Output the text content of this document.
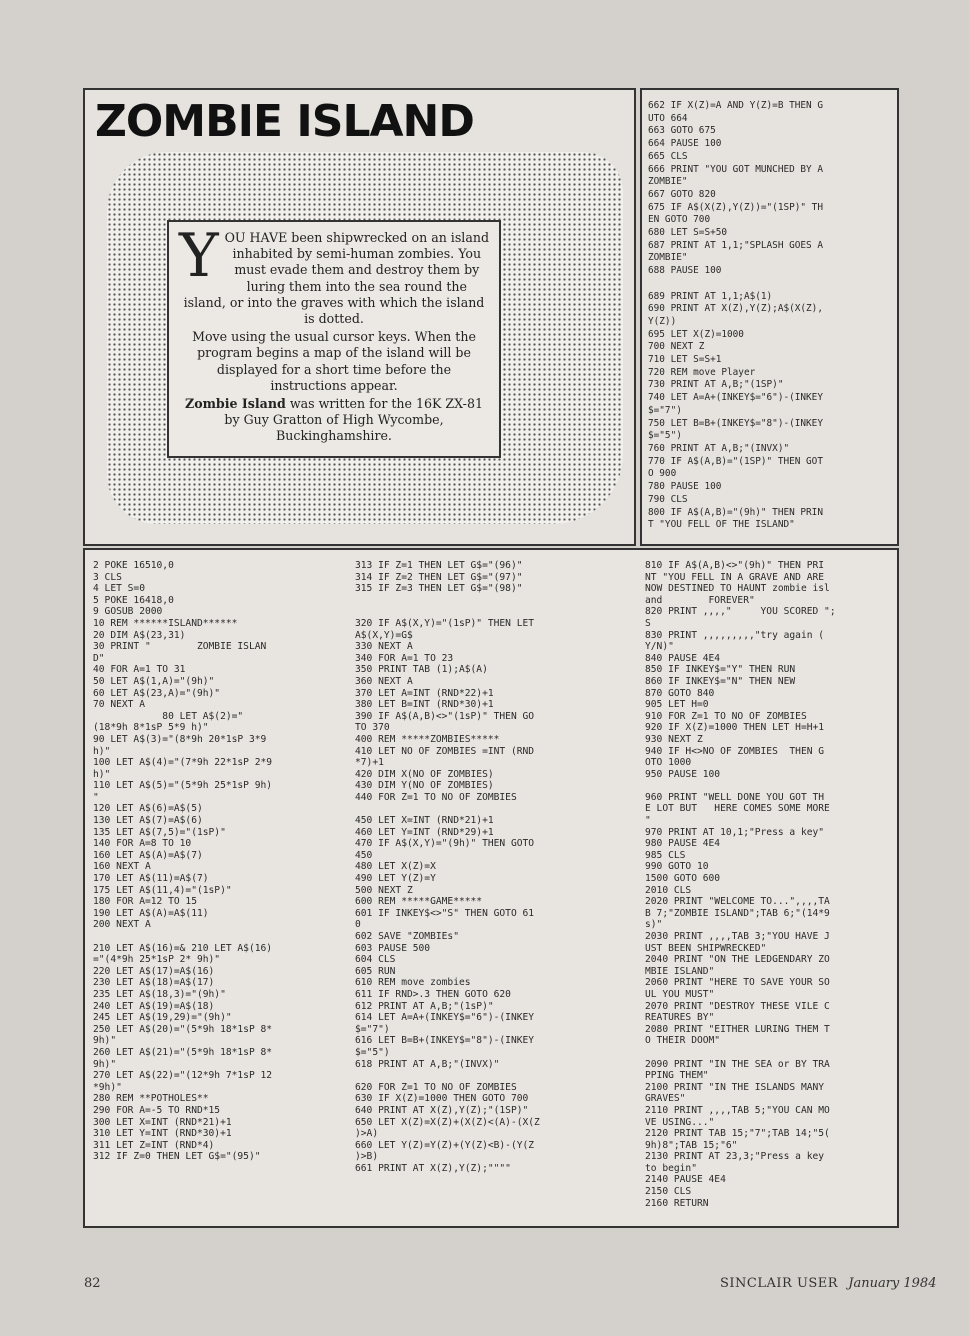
ZOMBIE ISLAND
Y OU HAVE been shipwrecked on an island inhabited by semi-human zombies. You must evade them and destroy them by luring them into the sea round the island, or into the graves with which the island is dotted.

Move using the usual cursor keys. When the program begins a map of the island will be displayed for a short time before the instructions appear.

Zombie Island was written for the 16K ZX-81 by Guy Gratton of High Wycombe, Buckinghamshire.

662 IF X(Z)=A AND Y(Z)=B THEN G
UTO 664
663 GOTO 675
664 PAUSE 100
665 CLS
666 PRINT "YOU GOT MUNCHED BY A
ZOMBIE"
667 GOTO 820
675 IF A$(X(Z),Y(Z))="(1SP)" TH
EN GOTO 700
680 LET S=S+50
687 PRINT AT 1,1;"SPLASH GOES A
ZOMBIE"
688 PAUSE 100

689 PRINT AT 1,1;A$(1)
690 PRINT AT X(Z),Y(Z);A$(X(Z),
Y(Z))
695 LET X(Z)=1000
700 NEXT Z
710 LET S=S+1
720 REM move Player
730 PRINT AT A,B;"(1SP)"
740 LET A=A+(INKEY$="6")-(INKEY
$="7")
750 LET B=B+(INKEY$="8")-(INKEY
$="5")
760 PRINT AT A,B;"(INVX)"
770 IF A$(A,B)="(1SP)" THEN GOT
O 900
780 PAUSE 100
790 CLS
800 IF A$(A,B)="(9h)" THEN PRIN
T "YOU FELL OF THE ISLAND"
2 POKE 16510,0
3 CLS
4 LET S=0
5 POKE 16418,0
9 GOSUB 2000
10 REM ******ISLAND******
20 DIM A$(23,31)
30 PRINT "        ZOMBIE ISLAN
D"
40 FOR A=1 TO 31
50 LET A$(1,A)="(9h)"
60 LET A$(23,A)="(9h)"
70 NEXT A
80 LET A$(2)="
(18*9h 8*1sP 5*9 h)"
90 LET A$(3)="(8*9h 20*1sP 3*9
h)"
100 LET A$(4)="(7*9h 22*1sP 2*9
h)"
110 LET A$(5)="(5*9h 25*1sP 9h)
"
120 LET A$(6)=A$(5)
130 LET A$(7)=A$(6)
135 LET A$(7,5)="(1sP)"
140 FOR A=8 TO 10
160 LET A$(A)=A$(7)
160 NEXT A
170 LET A$(11)=A$(7)
175 LET A$(11,4)="(1sP)"
180 FOR A=12 TO 15
190 LET A$(A)=A$(11)
200 NEXT A

210 LET A$(16)=& 210 LET A$(16)
="(4*9h 25*1sP 2* 9h)"
220 LET A$(17)=A$(16)
230 LET A$(18)=A$(17)
235 LET A$(18,3)="(9h)"
240 LET A$(19)=A$(18)
245 LET A$(19,29)="(9h)"
250 LET A$(20)="(5*9h 18*1sP 8*
9h)"
260 LET A$(21)="(5*9h 18*1sP 8*
9h)"
270 LET A$(22)="(12*9h 7*1sP 12
*9h)"
280 REM **POTHOLES**
290 FOR A=-5 TO RND*15
300 LET X=INT (RND*21)+1
310 LET Y=INT (RND*30)+1
311 LET Z=INT (RND*4)
312 IF Z=0 THEN LET G$="(95)"
313 IF Z=1 THEN LET G$="(96)"
314 IF Z=2 THEN LET G$="(97)"
315 IF Z=3 THEN LET G$="(98)"

320 IF A$(X,Y)="(1sP)" THEN LET
A$(X,Y)=G$
330 NEXT A
340 FOR A=1 TO 23
350 PRINT TAB (1);A$(A)
360 NEXT A
370 LET A=INT (RND*22)+1
380 LET B=INT (RND*30)+1
390 IF A$(A,B)<>"(1sP)" THEN GO
TO 370
400 REM *****ZOMBIES*****
410 LET NO OF ZOMBIES =INT (RND
*7)+1
420 DIM X(NO OF ZOMBIES)
430 DIM Y(NO OF ZOMBIES)
440 FOR Z=1 TO NO OF ZOMBIES

450 LET X=INT (RND*21)+1
460 LET Y=INT (RND*29)+1
470 IF A$(X,Y)="(9h)" THEN GOTO
450
480 LET X(Z)=X
490 LET Y(Z)=Y
500 NEXT Z
600 REM *****GAME*****
601 IF INKEY$<>"S" THEN GOTO 61
0
602 SAVE "ZOMBIEs"
603 PAUSE 500
604 CLS
605 RUN
610 REM move zombies
611 IF RND>.3 THEN GOTO 620
612 PRINT AT A,B;"(1sP)"
614 LET A=A+(INKEY$="6")-(INKEY
$="7")
616 LET B=B+(INKEY$="8")-(INKEY
$="5")
618 PRINT AT A,B;"(INVX)"

620 FOR Z=1 TO NO OF ZOMBIES
630 IF X(Z)=1000 THEN GOTO 700
640 PRINT AT X(Z),Y(Z);"(1SP)"
650 LET X(Z)=X(Z)+(X(Z)<(A)-(X(Z
)>A)
660 LET Y(Z)=Y(Z)+(Y(Z)<B)-(Y(Z
)>B)
661 PRINT AT X(Z),Y(Z);""""
810 IF A$(A,B)<>"(9h)" THEN PRI
NT "YOU FELL IN A GRAVE AND ARE
NOW DESTINED TO HAUNT zombie isl
and        FOREVER"
820 PRINT ,,,,"     YOU SCORED ";
S
830 PRINT ,,,,,,,,,"try again (
Y/N)"
840 PAUSE 4E4
850 IF INKEY$="Y" THEN RUN
860 IF INKEY$="N" THEN NEW
870 GOTO 840
905 LET H=0
910 FOR Z=1 TO NO OF ZOMBIES
920 IF X(Z)=1000 THEN LET H=H+1
930 NEXT Z
940 IF H<>NO OF ZOMBIES  THEN G
OTO 1000
950 PAUSE 100

960 PRINT "WELL DONE YOU GOT TH
E LOT BUT   HERE COMES SOME MORE
"
970 PRINT AT 10,1;"Press a key"
980 PAUSE 4E4
985 CLS
990 GOTO 10
1500 GOTO 600
2010 CLS
2020 PRINT "WELCOME TO...",,,,TA
B 7;"ZOMBIE ISLAND";TAB 6;"(14*9
s)"
2030 PRINT ,,,,TAB 3;"YOU HAVE J
UST BEEN SHIPWRECKED"
2040 PRINT "ON THE LEDGENDARY ZO
MBIE ISLAND"
2060 PRINT "HERE TO SAVE YOUR SO
UL YOU MUST"
2070 PRINT "DESTROY THESE VILE C
REATURES BY"
2080 PRINT "EITHER LURING THEM T
O THEIR DOOM"

2090 PRINT "IN THE SEA or BY TRA
PPING THEM"
2100 PRINT "IN THE ISLANDS MANY
GRAVES"
2110 PRINT ,,,,TAB 5;"YOU CAN MO
VE USING..."
2120 PRINT TAB 15;"7";TAB 14;"5(
9h)8";TAB 15;"6"
2130 PRINT AT 23,3;"Press a key
to begin"
2140 PAUSE 4E4
2150 CLS
2160 RETURN
82	SINCLAIR USER January 1984
